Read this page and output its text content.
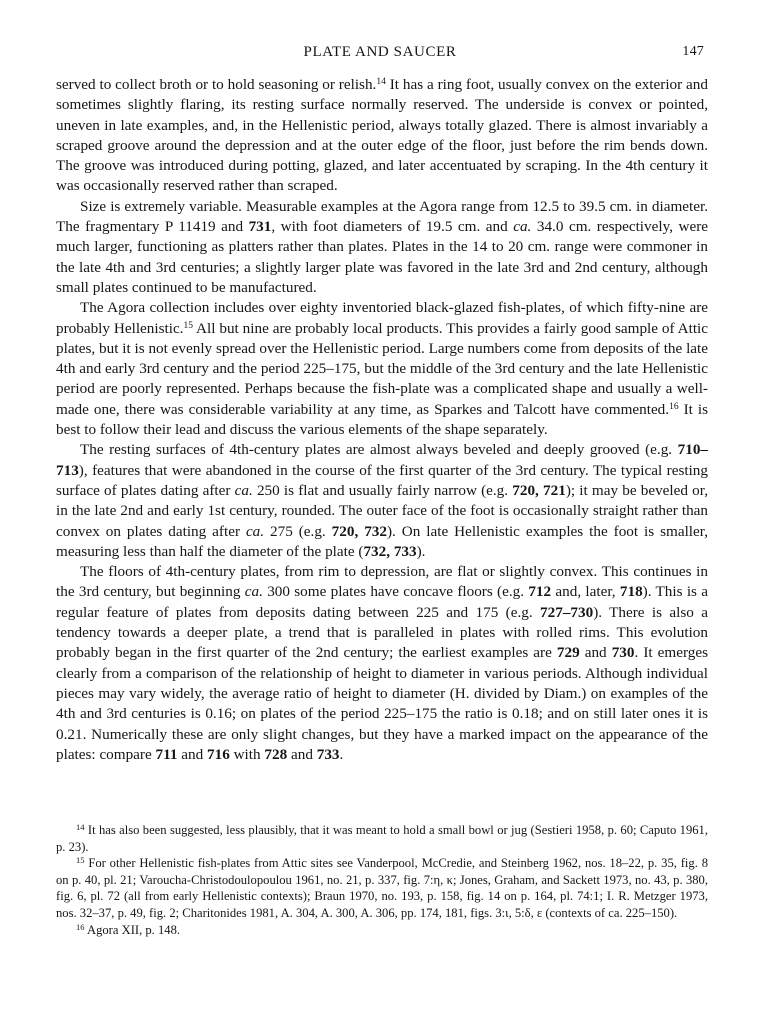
PLATE AND SAUCER	147

served to collect broth or to hold seasoning or relish.$^{14}$ It has a ring foot, usually convex on the exterior and sometimes slightly flaring, its resting surface normally reserved. The underside is convex or pointed, uneven in late examples, and, in the Hellenistic period, always totally glazed. There is almost invariably a scraped groove around the depression and at the outer edge of the floor, just before the rim bends down. The groove was introduced during potting, glazed, and later accentuated by scraping. In the 4th century it was occasionally reserved rather than scraped.

Size is extremely variable. Measurable examples at the Agora range from 12.5 to 39.5 cm. in diameter. The fragmentary P 11419 and 731, with foot diameters of 19.5 cm. and ca. 34.0 cm. respectively, were much larger, functioning as platters rather than plates. Plates in the 14 to 20 cm. range were commoner in the late 4th and 3rd centuries; a slightly larger plate was favored in the late 3rd and 2nd century, although small plates continued to be manufactured.

The Agora collection includes over eighty inventoried black-glazed fish-plates, of which fifty-nine are probably Hellenistic.$^{15}$ All but nine are probably local products. This provides a fairly good sample of Attic plates, but it is not evenly spread over the Hellenistic period. Large numbers come from deposits of the late 4th and early 3rd century and the period 225–175, but the middle of the 3rd century and the late Hellenistic period are poorly represented. Perhaps because the fish-plate was a complicated shape and usually a well-made one, there was considerable variability at any time, as Sparkes and Talcott have commented.$^{16}$ It is best to follow their lead and discuss the various elements of the shape separately.

The resting surfaces of 4th-century plates are almost always beveled and deeply grooved (e.g. 710–713), features that were abandoned in the course of the first quarter of the 3rd century. The typical resting surface of plates dating after ca. 250 is flat and usually fairly narrow (e.g. 720, 721); it may be beveled or, in the late 2nd and early 1st century, rounded. The outer face of the foot is occasionally straight rather than convex on plates dating after ca. 275 (e.g. 720, 732). On late Hellenistic examples the foot is smaller, measuring less than half the diameter of the plate (732, 733).

The floors of 4th-century plates, from rim to depression, are flat or slightly convex. This continues in the 3rd century, but beginning ca. 300 some plates have concave floors (e.g. 712 and, later, 718). This is a regular feature of plates from deposits dating between 225 and 175 (e.g. 727–730). There is also a tendency towards a deeper plate, a trend that is paralleled in plates with rolled rims. This evolution probably began in the first quarter of the 2nd century; the earliest examples are 729 and 730. It emerges clearly from a comparison of the relationship of height to diameter in various periods. Although individual pieces may vary widely, the average ratio of height to diameter (H. divided by Diam.) on examples of the 4th and 3rd centuries is 0.16; on plates of the period 225–175 the ratio is 0.18; and on still later ones it is 0.21. Numerically these are only slight changes, but they have a marked impact on the appearance of the plates: compare 711 and 716 with 728 and 733.

$^{14}$ It has also been suggested, less plausibly, that it was meant to hold a small bowl or jug (Sestieri 1958, p. 60; Caputo 1961, p. 23).

$^{15}$ For other Hellenistic fish-plates from Attic sites see Vanderpool, McCredie, and Steinberg 1962, nos. 18–22, p. 35, fig. 8 on p. 40, pl. 21; Varoucha-Christodoulopoulou 1961, no. 21, p. 337, fig. 7:η, κ; Jones, Graham, and Sackett 1973, no. 43, p. 380, fig. 6, pl. 72 (all from early Hellenistic contexts); Braun 1970, no. 193, p. 158, fig. 14 on p. 164, pl. 74:1; I. R. Metzger 1973, nos. 32–37, p. 49, fig. 2; Charitonides 1981, A. 304, A. 300, A. 306, pp. 174, 181, figs. 3:ι, 5:δ, ε (contexts of ca. 225–150).

$^{16}$ Agora XII, p. 148.
